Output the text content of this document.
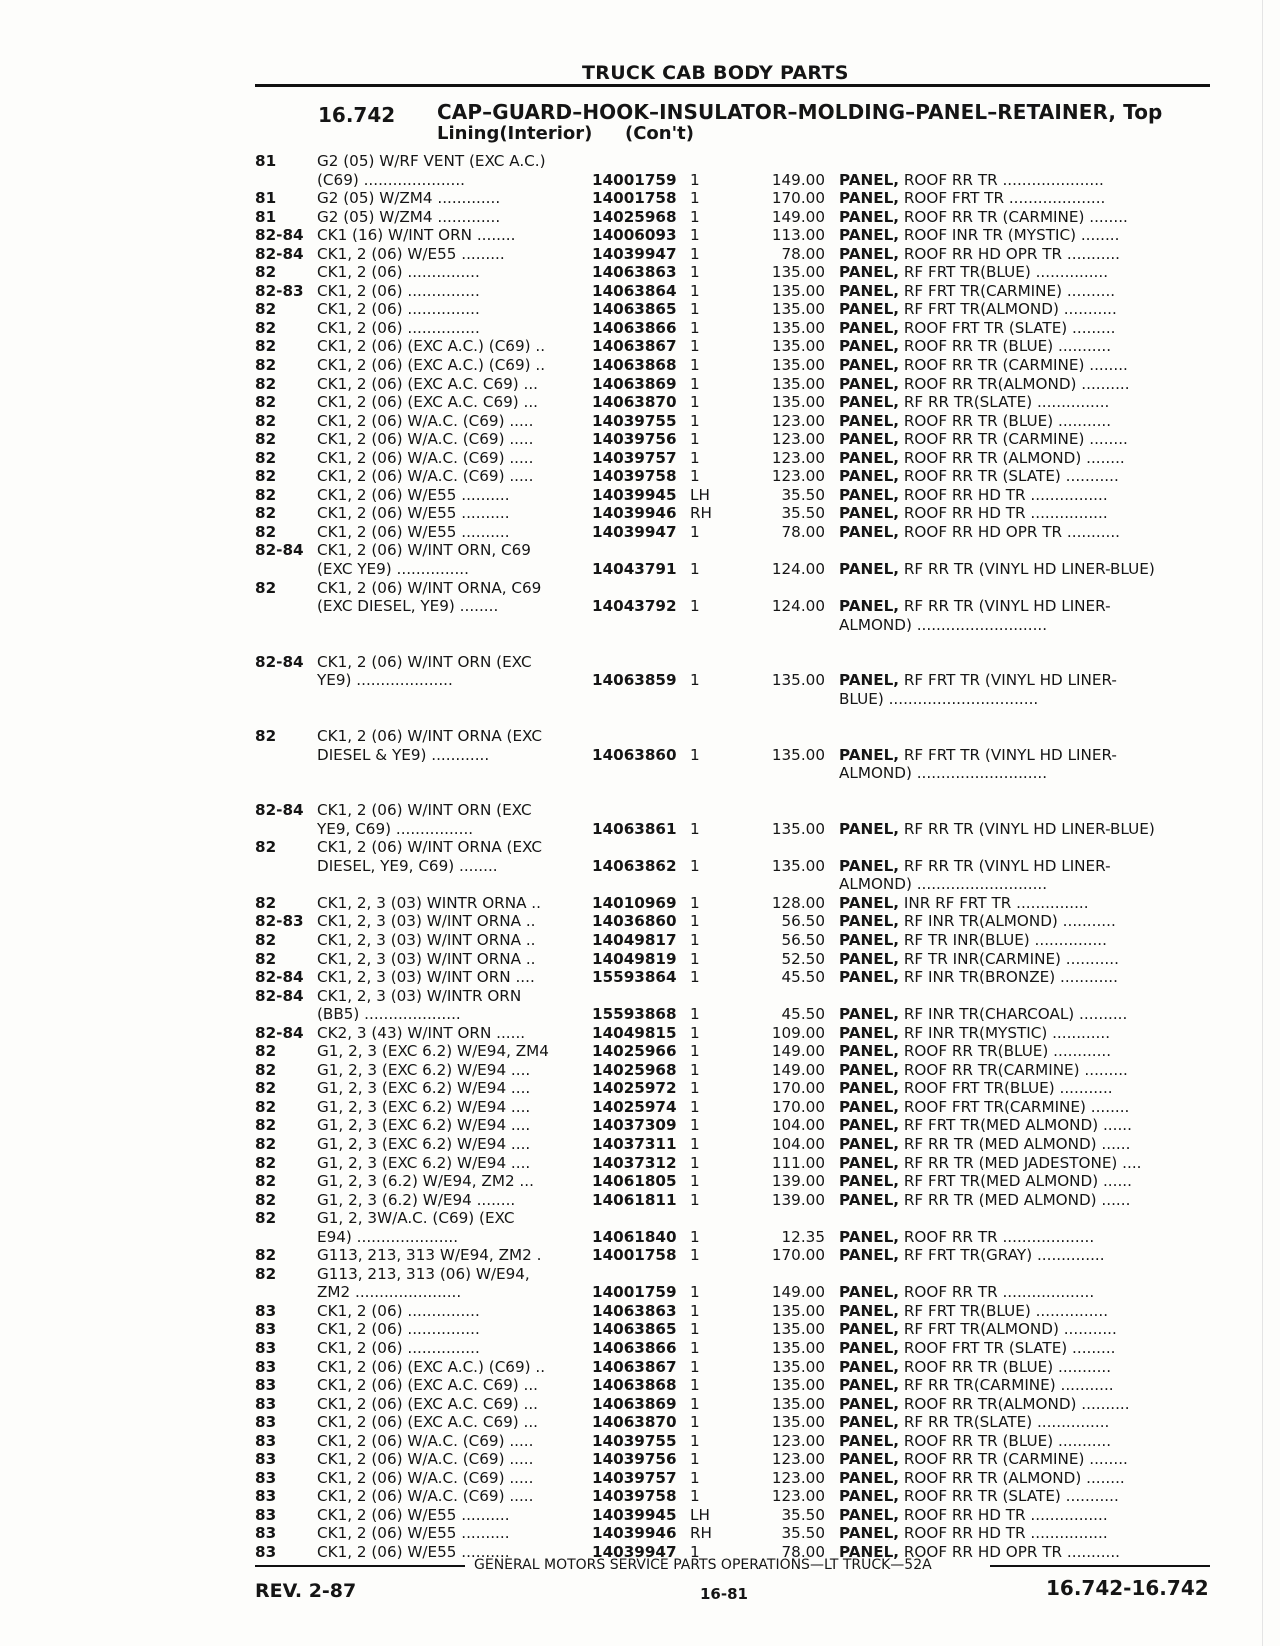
TRUCK CAB BODY PARTS
16.742 CAP–GUARD–HOOK–INSULATOR–MOLDING–PANEL–RETAINER, Top
Lining(Interior) (Con't)
81	G2 (05) W/RF VENT (EXC A.C.)
(C69) .....................	14001759 1	149.00 PANEL, ROOF RR TR .....................
81	G2 (05) W/ZM4 .............	14001758 1	170.00 PANEL, ROOF FRT TR ....................
81	G2 (05) W/ZM4 .............	14025968 1	149.00 PANEL, ROOF RR TR (CARMINE) ........
82-84 CK1 (16) W/INT ORN ........	14006093 1	113.00 PANEL, ROOF INR TR (MYSTIC) ........
82-84 CK1, 2 (06) W/E55 .........	14039947 1	78.00 PANEL, ROOF RR HD OPR TR ...........
82	CK1, 2 (06) ...............	14063863 1	135.00 PANEL, RF FRT TR(BLUE) ...............
82-83 CK1, 2 (06) ...............	14063864 1	135.00 PANEL, RF FRT TR(CARMINE) ..........
82	CK1, 2 (06) ...............	14063865 1	135.00 PANEL, RF FRT TR(ALMOND) ...........
82	CK1, 2 (06) ...............	14063866 1	135.00 PANEL, ROOF FRT TR (SLATE) .........
82	CK1, 2 (06) (EXC A.C.) (C69) ..	14063867 1	135.00 PANEL, ROOF RR TR (BLUE) ...........
82	CK1, 2 (06) (EXC A.C.) (C69) ..	14063868 1	135.00 PANEL, ROOF RR TR (CARMINE) ........
82	CK1, 2 (06) (EXC A.C. C69) ...	14063869 1	135.00 PANEL, ROOF RR TR(ALMOND) ..........
82	CK1, 2 (06) (EXC A.C. C69) ...	14063870 1	135.00 PANEL, RF RR TR(SLATE) ...............
82	CK1, 2 (06) W/A.C. (C69) .....	14039755 1	123.00 PANEL, ROOF RR TR (BLUE) ...........
82	CK1, 2 (06) W/A.C. (C69) .....	14039756 1	123.00 PANEL, ROOF RR TR (CARMINE) ........
82	CK1, 2 (06) W/A.C. (C69) .....	14039757 1	123.00 PANEL, ROOF RR TR (ALMOND) ........
82	CK1, 2 (06) W/A.C. (C69) .....	14039758 1	123.00 PANEL, ROOF RR TR (SLATE) ...........
82	CK1, 2 (06) W/E55 ..........	14039945 LH	35.50 PANEL, ROOF RR HD TR ................
82	CK1, 2 (06) W/E55 ..........	14039946 RH	35.50 PANEL, ROOF RR HD TR ................
82	CK1, 2 (06) W/E55 ..........	14039947 1	78.00 PANEL, ROOF RR HD OPR TR ...........
82-84 CK1, 2 (06) W/INT ORN, C69
(EXC YE9) ...............	14043791 1	124.00 PANEL, RF RR TR (VINYL HD LINER-BLUE)
82	CK1, 2 (06) W/INT ORNA, C69
(EXC DIESEL, YE9) ........	14043792 1	124.00 PANEL, RF RR TR (VINYL HD LINER-
ALMOND) ...........................
82-84 CK1, 2 (06) W/INT ORN (EXC
YE9) ....................	14063859 1	135.00 PANEL, RF FRT TR (VINYL HD LINER-
BLUE) ...............................
82	CK1, 2 (06) W/INT ORNA (EXC
DIESEL & YE9) ............	14063860 1	135.00 PANEL, RF FRT TR (VINYL HD LINER-
ALMOND) ...........................
82-84 CK1, 2 (06) W/INT ORN (EXC
YE9, C69) ................	14063861 1	135.00 PANEL, RF RR TR (VINYL HD LINER-BLUE)
82	CK1, 2 (06) W/INT ORNA (EXC
DIESEL, YE9, C69) ........	14063862 1	135.00 PANEL, RF RR TR (VINYL HD LINER-
ALMOND) ...........................
82	CK1, 2, 3 (03) WINTR ORNA ..	14010969 1	128.00 PANEL, INR RF FRT TR ...............
82-83 CK1, 2, 3 (03) W/INT ORNA ..	14036860 1	56.50 PANEL, RF INR TR(ALMOND) ...........
82	CK1, 2, 3 (03) W/INT ORNA ..	14049817 1	56.50 PANEL, RF TR INR(BLUE) ...............
82	CK1, 2, 3 (03) W/INT ORNA ..	14049819 1	52.50 PANEL, RF TR INR(CARMINE) ...........
82-84 CK1, 2, 3 (03) W/INT ORN ....	15593864 1	45.50 PANEL, RF INR TR(BRONZE) ............
82-84 CK1, 2, 3 (03) W/INTR ORN
(BB5) ....................	15593868 1	45.50 PANEL, RF INR TR(CHARCOAL) ..........
82-84 CK2, 3 (43) W/INT ORN ......	14049815 1	109.00 PANEL, RF INR TR(MYSTIC) ............
82	G1, 2, 3 (EXC 6.2) W/E94, ZM4	14025966 1	149.00 PANEL, ROOF RR TR(BLUE) ............
82	G1, 2, 3 (EXC 6.2) W/E94 ....	14025968 1	149.00 PANEL, ROOF RR TR(CARMINE) .........
82	G1, 2, 3 (EXC 6.2) W/E94 ....	14025972 1	170.00 PANEL, ROOF FRT TR(BLUE) ...........
82	G1, 2, 3 (EXC 6.2) W/E94 ....	14025974 1	170.00 PANEL, ROOF FRT TR(CARMINE) ........
82	G1, 2, 3 (EXC 6.2) W/E94 ....	14037309 1	104.00 PANEL, RF FRT TR(MED ALMOND) ......
82	G1, 2, 3 (EXC 6.2) W/E94 ....	14037311 1	104.00 PANEL, RF RR TR (MED ALMOND) ......
82	G1, 2, 3 (EXC 6.2) W/E94 ....	14037312 1	111.00 PANEL, RF RR TR (MED JADESTONE) ....
82	G1, 2, 3 (6.2) W/E94, ZM2 ...	14061805 1	139.00 PANEL, RF FRT TR(MED ALMOND) ......
82	G1, 2, 3 (6.2) W/E94 ........	14061811 1	139.00 PANEL, RF RR TR (MED ALMOND) ......
82	G1, 2, 3W/A.C. (C69) (EXC
E94) .....................	14061840 1	12.35 PANEL, ROOF RR TR ...................
82	G113, 213, 313 W/E94, ZM2 .	14001758 1	170.00 PANEL, RF FRT TR(GRAY) ..............
82	G113, 213, 313 (06) W/E94,
ZM2 ......................	14001759 1	149.00 PANEL, ROOF RR TR ...................
83	CK1, 2 (06) ...............	14063863 1	135.00 PANEL, RF FRT TR(BLUE) ...............
83	CK1, 2 (06) ...............	14063865 1	135.00 PANEL, RF FRT TR(ALMOND) ...........
83	CK1, 2 (06) ...............	14063866 1	135.00 PANEL, ROOF FRT TR (SLATE) .........
83	CK1, 2 (06) (EXC A.C.) (C69) ..	14063867 1	135.00 PANEL, ROOF RR TR (BLUE) ...........
83	CK1, 2 (06) (EXC A.C. C69) ...	14063868 1	135.00 PANEL, RF RR TR(CARMINE) ...........
83	CK1, 2 (06) (EXC A.C. C69) ...	14063869 1	135.00 PANEL, ROOF RR TR(ALMOND) ..........
83	CK1, 2 (06) (EXC A.C. C69) ...	14063870 1	135.00 PANEL, RF RR TR(SLATE) ...............
83	CK1, 2 (06) W/A.C. (C69) .....	14039755 1	123.00 PANEL, ROOF RR TR (BLUE) ...........
83	CK1, 2 (06) W/A.C. (C69) .....	14039756 1	123.00 PANEL, ROOF RR TR (CARMINE) ........
83	CK1, 2 (06) W/A.C. (C69) .....	14039757 1	123.00 PANEL, ROOF RR TR (ALMOND) ........
83	CK1, 2 (06) W/A.C. (C69) .....	14039758 1	123.00 PANEL, ROOF RR TR (SLATE) ...........
83	CK1, 2 (06) W/E55 ..........	14039945 LH	35.50 PANEL, ROOF RR HD TR ................
83	CK1, 2 (06) W/E55 ..........	14039946 RH	35.50 PANEL, ROOF RR HD TR ................
83	CK1, 2 (06) W/E55 ..........	14039947 1	78.00 PANEL, ROOF RR HD OPR TR ...........
GENERAL MOTORS SERVICE PARTS OPERATIONS—LT TRUCK—52A
REV. 2-87	16-81	16.742-16.742
